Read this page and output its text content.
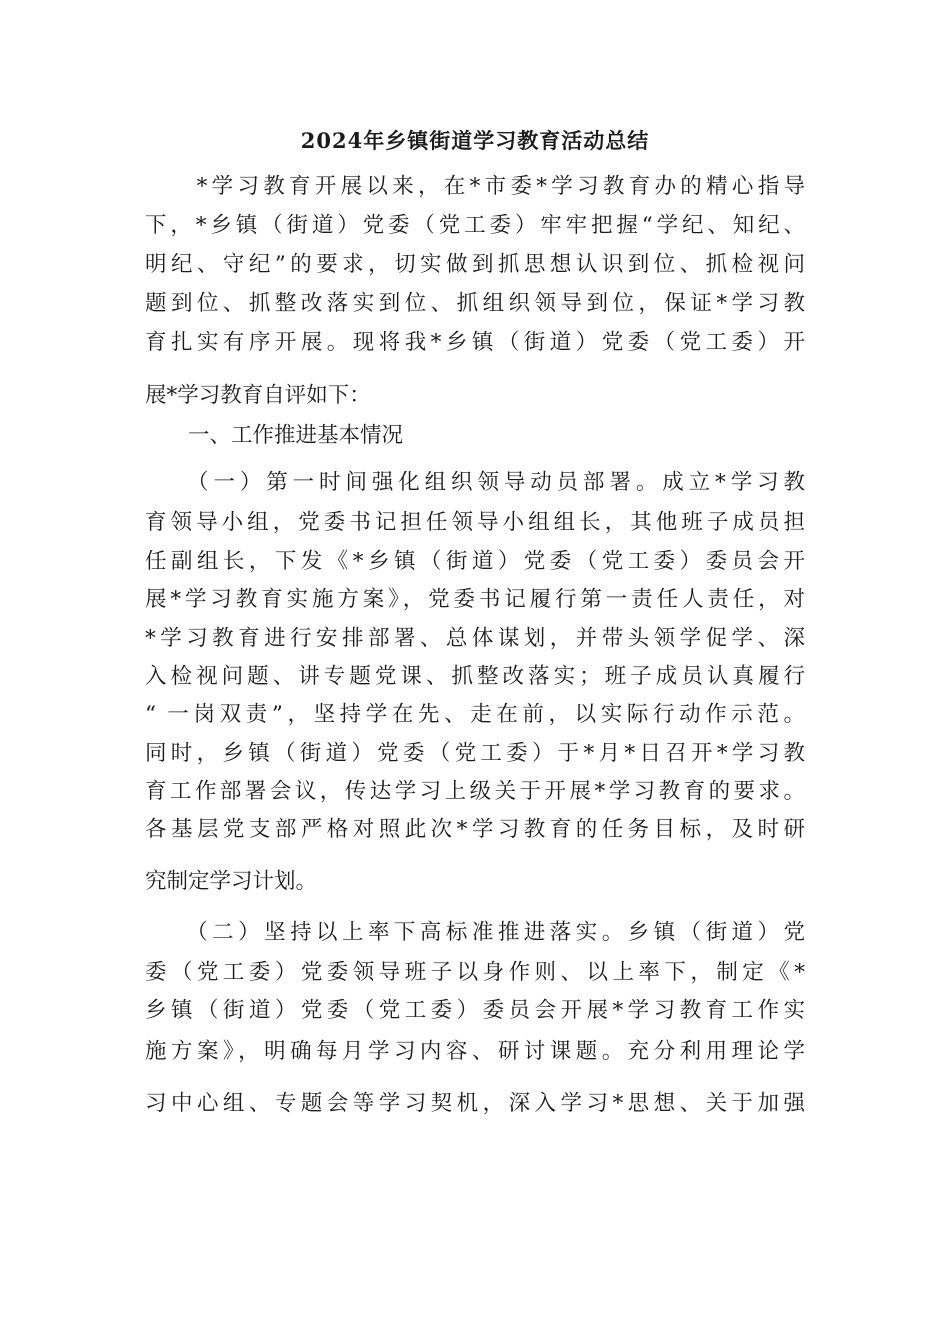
2024年乡镇街道学习教育活动总结
　　*学习教育开展以来，在*市委*学习教育办的精心指导
下，*乡镇（街道）党委（党工委）牢牢把握“学纪、知纪、
明纪、守纪”的要求，切实做到抓思想认识到位、抓检视问
题到位、抓整改落实到位、抓组织领导到位，保证*学习教
育扎实有序开展。现将我*乡镇（街道）党委（党工委）开
展*学习教育自评如下：
　　一、工作推进基本情况
　　（一）第一时间强化组织领导动员部署。成立*学习教
育领导小组，党委书记担任领导小组组长，其他班子成员担
任副组长，下发《*乡镇（街道）党委（党工委）委员会开
展*学习教育实施方案》，党委书记履行第一责任人责任，对
*学习教育进行安排部署、总体谋划，并带头领学促学、深
入检视问题、讲专题党课、抓整改落实；班子成员认真履行
“ 一岗双责”，坚持学在先、走在前，以实际行动作示范。
同时，乡镇（街道）党委（党工委）于*月*日召开*学习教
育工作部署会议，传达学习上级关于开展*学习教育的要求。
各基层党支部严格对照此次*学习教育的任务目标，及时研
究制定学习计划。
　　（二）坚持以上率下高标准推进落实。乡镇（街道）党
委（党工委）党委领导班子以身作则、以上率下，制定《*
乡镇（街道）党委（党工委）委员会开展*学习教育工作实
施方案》，明确每月学习内容、研讨课题。充分利用理论学
习中心组、专题会等学习契机，深入学习*思想、关于加强
